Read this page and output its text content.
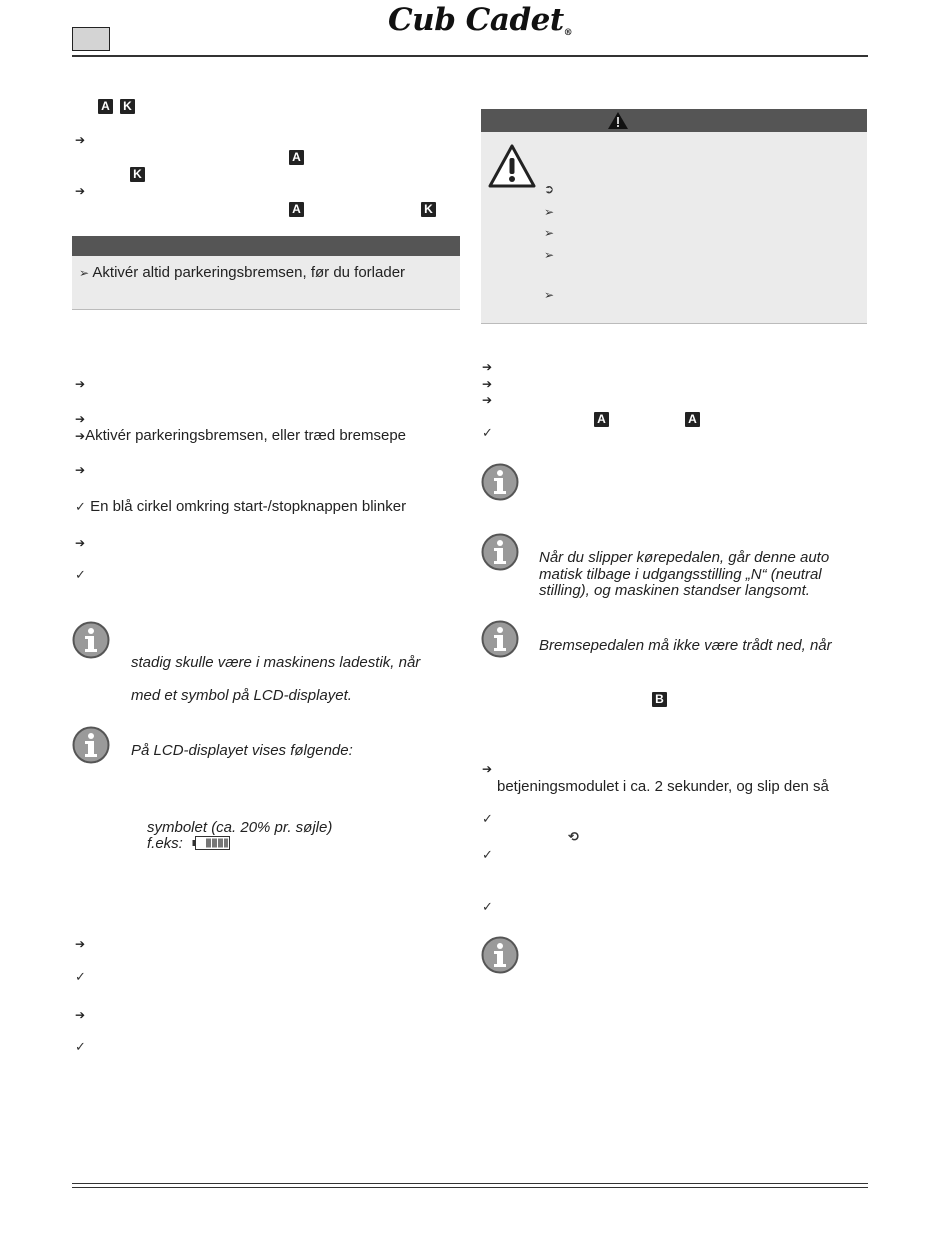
Cub Cadet®
A K
➔
A
K
➔
A	K
➢ Aktivér altid parkeringsbremsen, før du forlader
➔
➔
➔Aktivér parkeringsbremsen, eller træd bremsepe
➔
✓ En blå cirkel omkring start-/stopknappen blinker
➔
✓
stadig skulle være i maskinens ladestik, når
med et symbol på LCD-displayet.
På LCD-displayet vises følgende:
symbolet (ca. 20% pr. søjle)
f.eks:
➔
✓
➔
✓
➲
➢
➢
➢
➢
➔
➔
➔
A	A
✓
Når du slipper kørepedalen, går denne auto
matisk tilbage i udgangsstilling „N“ (neutral
stilling), og maskinen standser langsomt.
Bremsepedalen må ikke være trådt ned, når
B
➔
betjeningsmodulet i ca. 2 sekunder, og slip den så
✓
⟲
✓
✓
